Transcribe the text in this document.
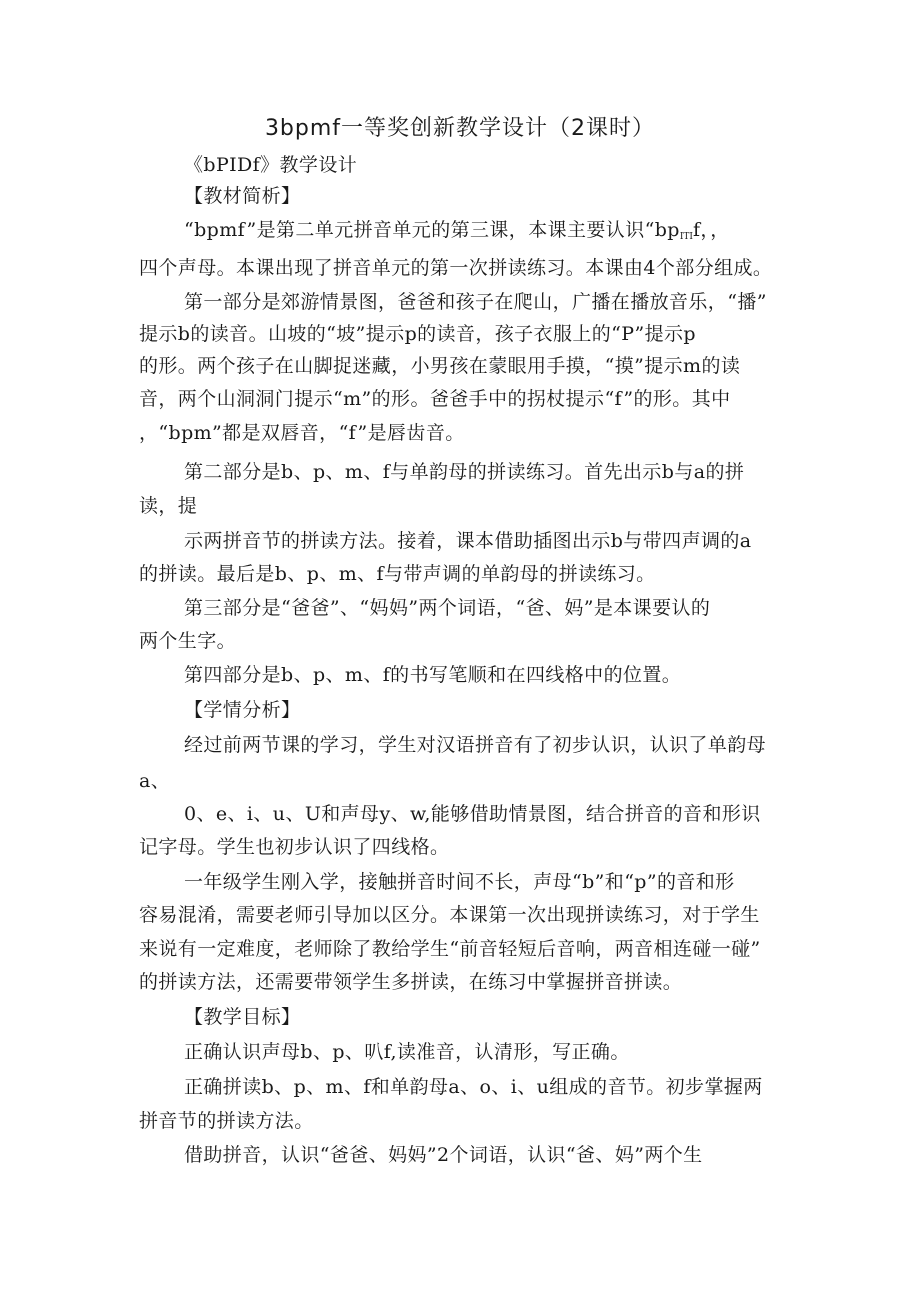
3bpmf一等奖创新教学设计（2课时）
《bPIDf》教学设计
【教材简析】
“bpmf”是第二单元拼音单元的第三课，本课主要认识“$bp_{ITI}f$，，
四个声母。本课出现了拼音单元的第一次拼读练习。本课由4个部分组成。
第一部分是郊游情景图，爸爸和孩子在爬山，广播在播放音乐，“播”
提示b的读音。山坡的“坡”提示p的读音，孩子衣服上的“P”提示p
的形。两个孩子在山脚捉迷藏，小男孩在蒙眼用手摸，“摸”提示m的读
音，两个山洞洞门提示“m”的形。爸爸手中的拐杖提示“f”的形。其中
，“bpm”都是双唇音，“f”是唇齿音。
第二部分是b、p、m、f与单韵母的拼读练习。首先出示b与a的拼
读，提
示两拼音节的拼读方法。接着，课本借助插图出示b与带四声调的a
的拼读。最后是b、p、m、f与带声调的单韵母的拼读练习。
第三部分是“爸爸”、“妈妈”两个词语，“爸、妈”是本课要认的
两个生字。
第四部分是b、p、m、f的书写笔顺和在四线格中的位置。
【学情分析】
经过前两节课的学习，学生对汉语拼音有了初步认识，认识了单韵母
a、
0、e、i、u、U和声母y、w,能够借助情景图，结合拼音的音和形识
记字母。学生也初步认识了四线格。
一年级学生刚入学，接触拼音时间不长，声母“b”和“p”的音和形
容易混淆，需要老师引导加以区分。本课第一次出现拼读练习，对于学生
来说有一定难度，老师除了教给学生“前音轻短后音响，两音相连碰一碰”
的拼读方法，还需要带领学生多拼读，在练习中掌握拼音拼读。
【教学目标】
正确认识声母b、p、叭f,读准音，认清形，写正确。
正确拼读b、p、m、f和单韵母a、o、i、u组成的音节。初步掌握两
拼音节的拼读方法。
借助拼音，认识“爸爸、妈妈”2个词语，认识“爸、妈”两个生
